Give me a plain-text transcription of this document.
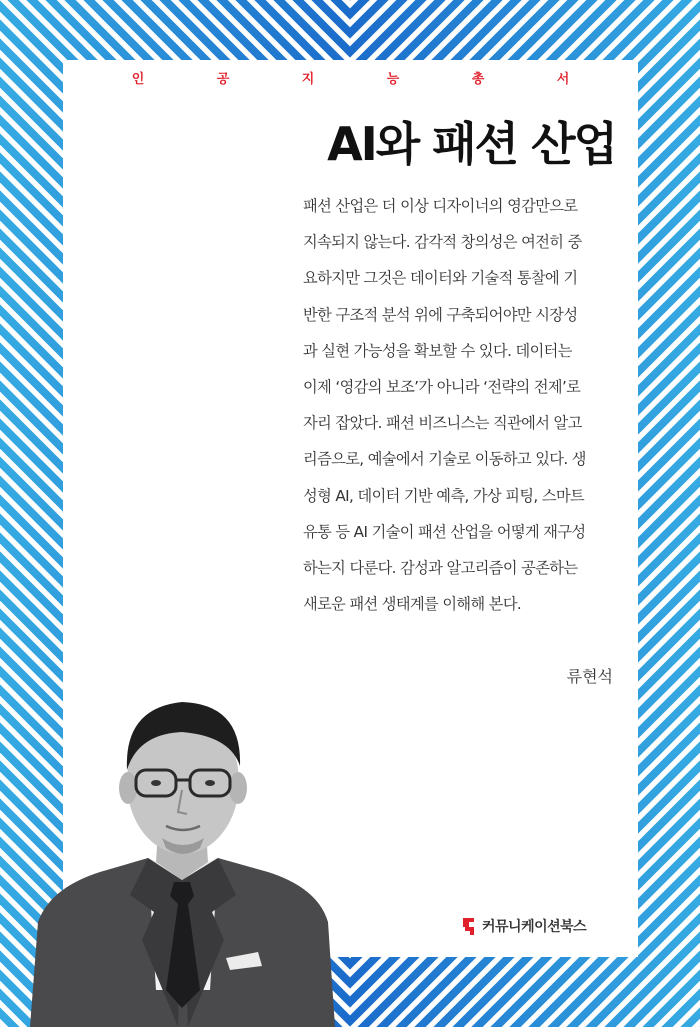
인	공	지	능	총	서
AI와 패션 산업
패션 산업은 더 이상 디자이너의 영감만으로
지속되지 않는다. 감각적 창의성은 여전히 중
요하지만 그것은 데이터와 기술적 통찰에 기
반한 구조적 분석 위에 구축되어야만 시장성
과 실현 가능성을 확보할 수 있다. 데이터는
이제 ‘영감의 보조’가 아니라 ‘전략의 전제’로
자리 잡았다. 패션 비즈니스는 직관에서 알고
리즘으로, 예술에서 기술로 이동하고 있다. 생
성형 AI, 데이터 기반 예측, 가상 피팅, 스마트
유통 등 AI 기술이 패션 산업을 어떻게 재구성
하는지 다룬다. 감성과 알고리즘이 공존하는
새로운 패션 생태계를 이해해 본다.
류현석
커뮤니케이션북스
